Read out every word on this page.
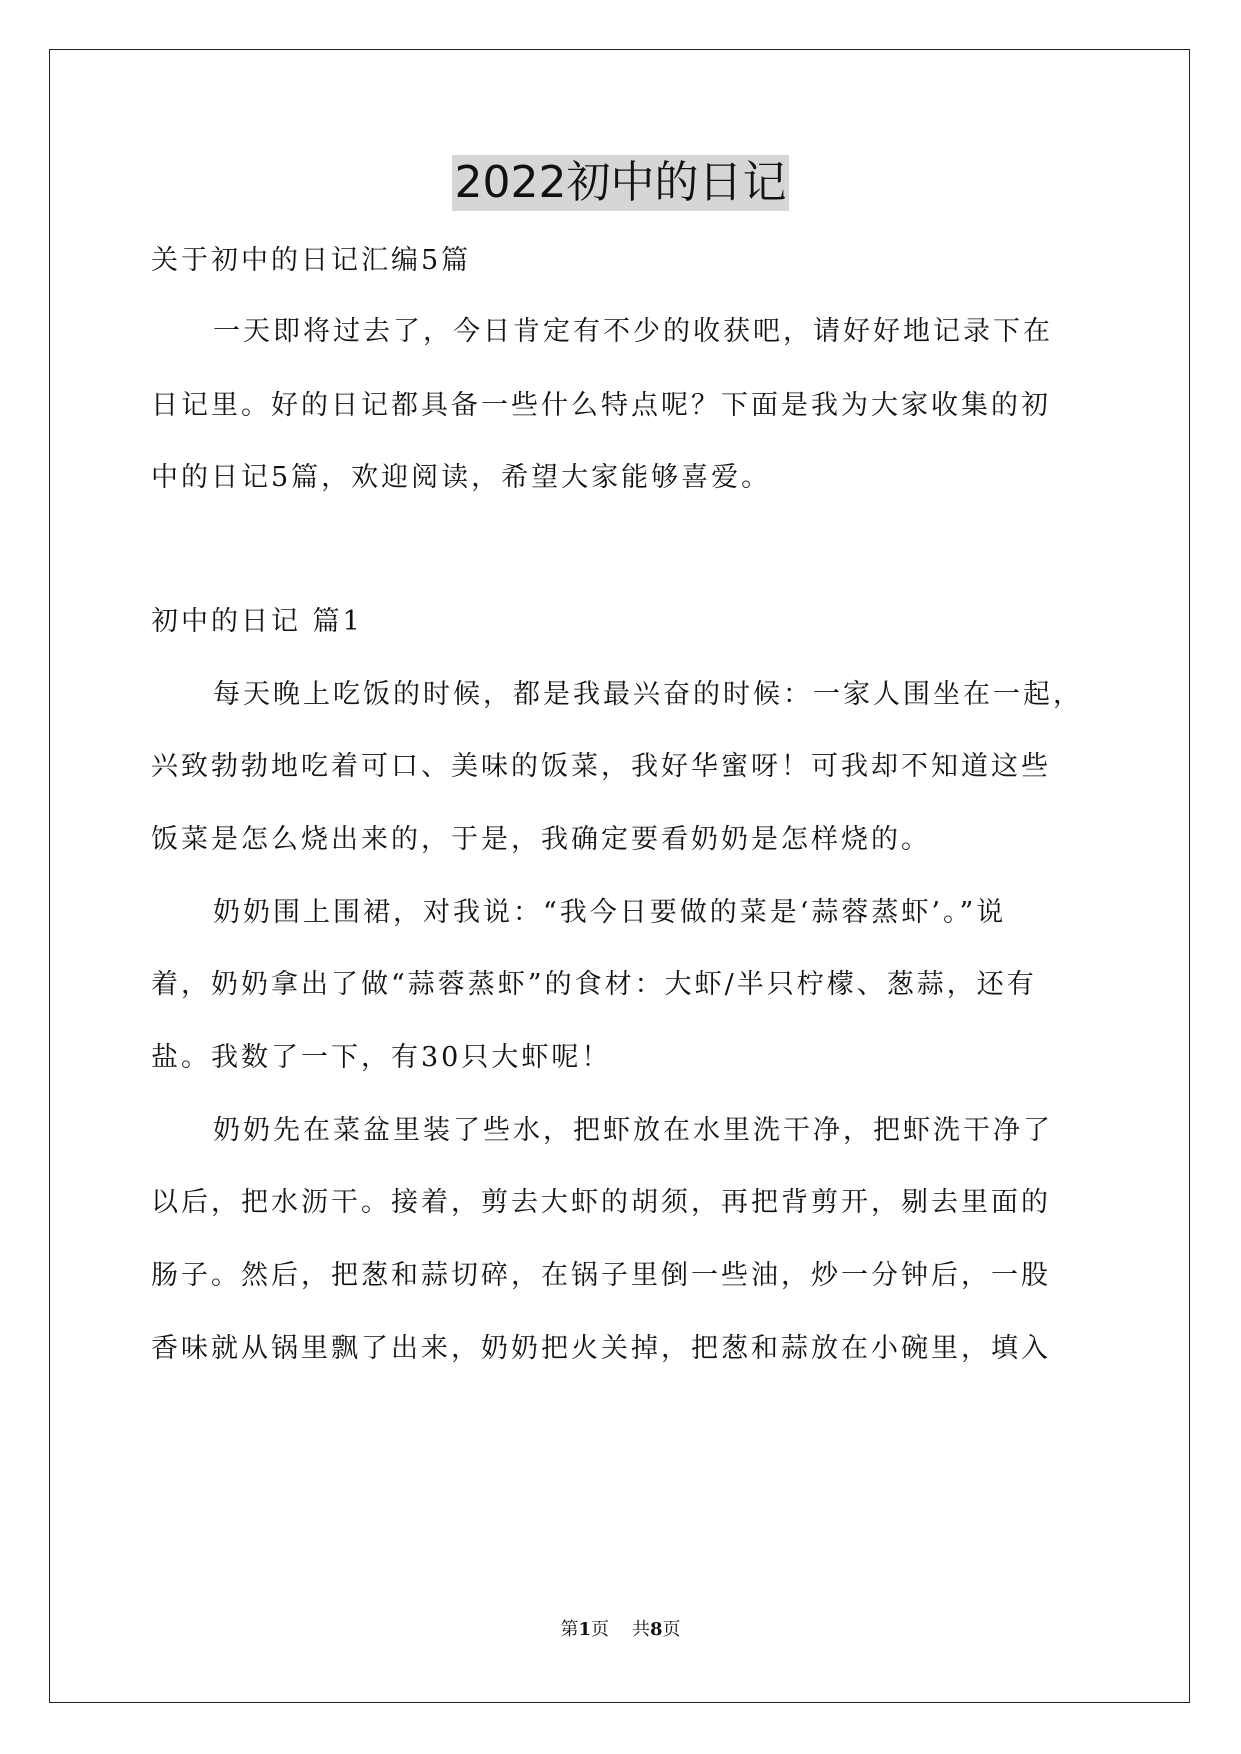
2022初中的日记
关于初中的日记汇编5篇
一天即将过去了，今日肯定有不少的收获吧，请好好地记录下在
日记里。好的日记都具备一些什么特点呢？下面是我为大家收集的初
中的日记5篇，欢迎阅读，希望大家能够喜爱。
初中的日记 篇1
每天晚上吃饭的时候，都是我最兴奋的时候：一家人围坐在一起，
兴致勃勃地吃着可口、美味的饭菜，我好华蜜呀！可我却不知道这些
饭菜是怎么烧出来的，于是，我确定要看奶奶是怎样烧的。
奶奶围上围裙，对我说：“我今日要做的菜是‘蒜蓉蒸虾’。”说
着，奶奶拿出了做“蒜蓉蒸虾”的食材：大虾/半只柠檬、葱蒜，还有
盐。我数了一下，有30只大虾呢！
奶奶先在菜盆里装了些水，把虾放在水里洗干净，把虾洗干净了
以后，把水沥干。接着，剪去大虾的胡须，再把背剪开，剔去里面的
肠子。然后，把葱和蒜切碎，在锅子里倒一些油，炒一分钟后，一股
香味就从锅里飘了出来，奶奶把火关掉，把葱和蒜放在小碗里，填入
第1页 共8页
